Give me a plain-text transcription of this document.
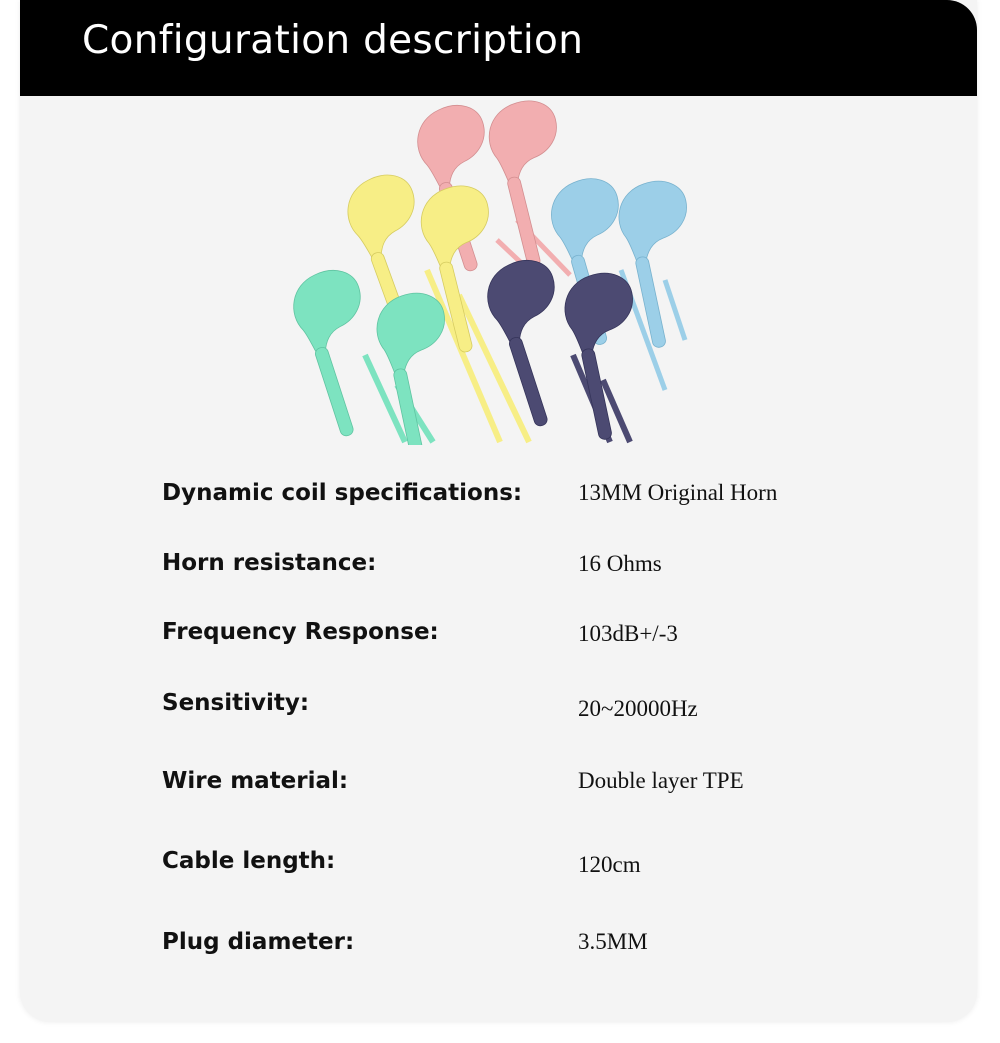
Configuration description

Dynamic coil specifications: 13MM Original Horn

Horn resistance:	16 Ohms

Frequency Response:	103dB+/-3

Sensitivity:	20~20000Hz

Wire material:	Double layer TPE

Cable length:	120cm

Plug diameter:	3.5MM
